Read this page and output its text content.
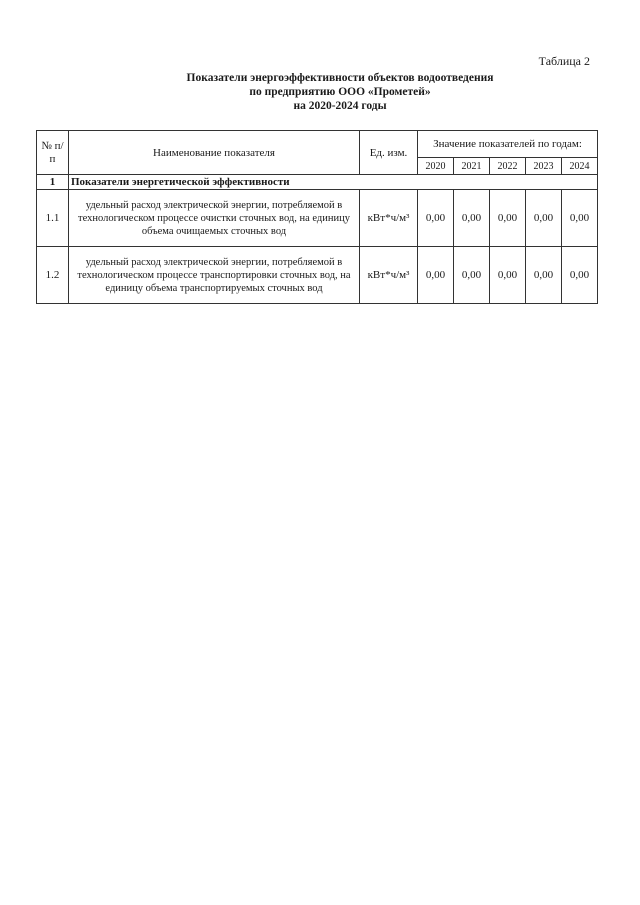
Таблица 2
Показатели энергоэффективности объектов водоотведения
по предприятию ООО «Прометей»
на 2020-2024 годы
№ п/п	Наименование показателя	Ед. изм.	Значение показателей по годам:				
			2020	2021	2022	2023	2024
1	Показатели энергетической эффективности						
1.1	удельный расход электрической энергии, потребляемой в технологическом процессе очистки сточных вод, на единицу объема очищаемых сточных вод	кВт*ч/м³	0,00	0,00	0,00	0,00	0,00
1.2	удельный расход электрической энергии, потребляемой в технологическом процессе транспортировки сточных вод, на единицу объема транспортируемых сточных вод	кВт*ч/м³	0,00	0,00	0,00	0,00	0,00
